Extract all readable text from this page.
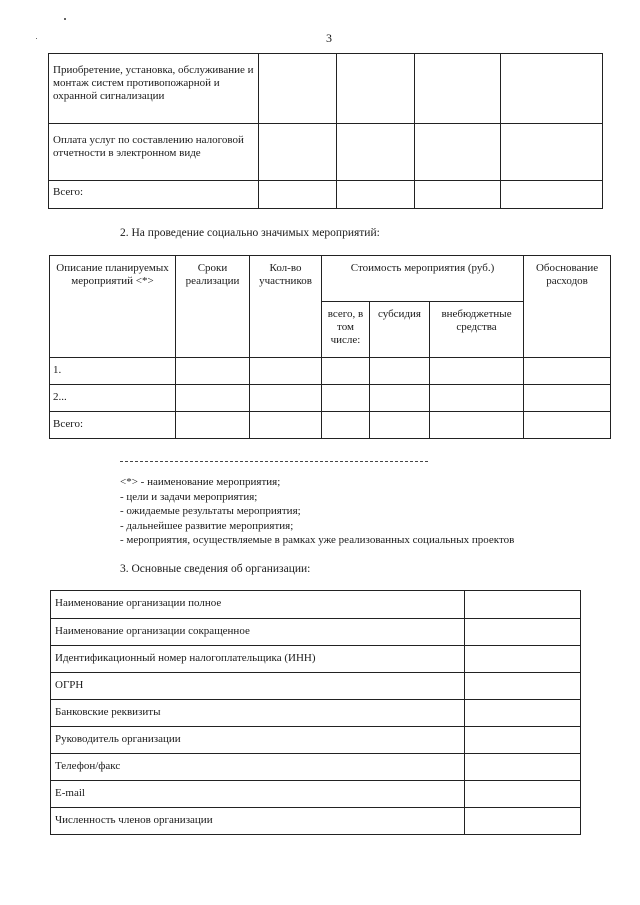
3
Приобретение, установка, обслуживание и монтаж систем противопожарной и охранной сигнализации				
Оплата услуг по составлению налоговой отчетности в электронном виде				
Всего:				
2. На проведение социально значимых мероприятий:
Описание планируемых мероприятий <*>	Сроки реализации	Кол-во участников	Стоимость мероприятия (руб.)			Обоснование расходов
			всего, в том числе:	субсидия	внебюджетные средства	
1.						
2...						
Всего:						
<*> - наименование мероприятия;
- цели и задачи мероприятия;
- ожидаемые результаты мероприятия;
- дальнейшее развитие мероприятия;
- мероприятия, осуществляемые в рамках уже реализованных социальных проектов
3. Основные сведения об организации:
Наименование организации полное	
Наименование организации сокращенное	
Идентификационный номер налогоплательщика (ИНН)	
ОГРН	
Банковские реквизиты	
Руководитель организации	
Телефон/факс	
E-mail	
Численность членов организации	
